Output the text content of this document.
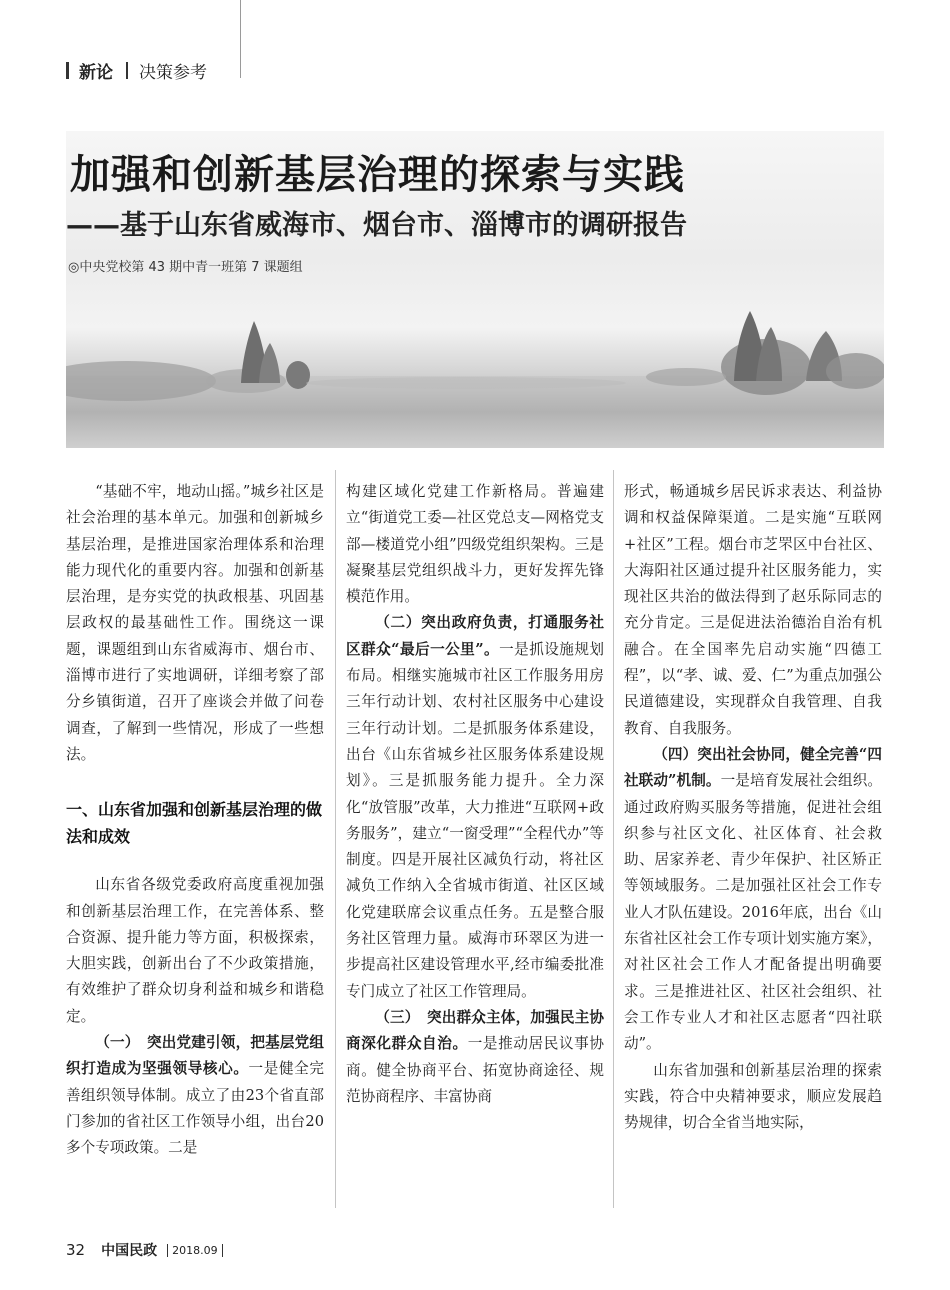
新论 决策参考
加强和创新基层治理的探索与实践
——基于山东省威海市、烟台市、淄博市的调研报告
◎中央党校第 43 期中青一班第 7 课题组

“基础不牢，地动山摇。”城乡社区是社会治理的基本单元。加强和创新城乡基层治理，是推进国家治理体系和治理能力现代化的重要内容。加强和创新基层治理，是夯实党的执政根基、巩固基层政权的最基础性工作。围绕这一课题，课题组到山东省威海市、烟台市、淄博市进行了实地调研，详细考察了部分乡镇街道，召开了座谈会并做了问卷调查，了解到一些情况，形成了一些想法。

一、山东省加强和创新基层治理的做法和成效

山东省各级党委政府高度重视加强和创新基层治理工作，在完善体系、整合资源、提升能力等方面，积极探索，大胆实践，创新出台了不少政策措施，有效维护了群众切身利益和城乡和谐稳定。

（一）　突出党建引领，把基层党组织打造成为坚强领导核心。一是健全完善组织领导体制。成立了由23个省直部门参加的省社区工作领导小组，出台20多个专项政策。二是

构建区域化党建工作新格局。普遍建立“街道党工委—社区党总支—网格党支部—楼道党小组”四级党组织架构。三是凝聚基层党组织战斗力，更好发挥先锋模范作用。

（二）突出政府负责，打通服务社区群众“最后一公里”。一是抓设施规划布局。相继实施城市社区工作服务用房三年行动计划、农村社区服务中心建设三年行动计划。二是抓服务体系建设，出台《山东省城乡社区服务体系建设规划》。三是抓服务能力提升。全力深化“放管服”改革，大力推进“互联网+政务服务”，建立“一窗受理”“全程代办”等制度。四是开展社区减负行动，将社区减负工作纳入全省城市街道、社区区域化党建联席会议重点任务。五是整合服务社区管理力量。威海市环翠区为进一步提高社区建设管理水平,经市编委批准专门成立了社区工作管理局。

（三）　突出群众主体，加强民主协商深化群众自治。一是推动居民议事协商。健全协商平台、拓宽协商途径、规范协商程序、丰富协商

形式，畅通城乡居民诉求表达、利益协调和权益保障渠道。二是实施“互联网+社区”工程。烟台市芝罘区中台社区、大海阳社区通过提升社区服务能力，实现社区共治的做法得到了赵乐际同志的充分肯定。三是促进法治德治自治有机融合。在全国率先启动实施“四德工程”，以“孝、诚、爱、仁”为重点加强公民道德建设，实现群众自我管理、自我教育、自我服务。

（四）突出社会协同，健全完善“四社联动”机制。一是培育发展社会组织。通过政府购买服务等措施，促进社会组织参与社区文化、社区体育、社会救助、居家养老、青少年保护、社区矫正等领域服务。二是加强社区社会工作专业人才队伍建设。2016年底，出台《山东省社区社会工作专项计划实施方案》，对社区社会工作人才配备提出明确要求。三是推进社区、社区社会组织、社会工作专业人才和社区志愿者“四社联动”。

山东省加强和创新基层治理的探索实践，符合中央精神要求，顺应发展趋势规律，切合全省当地实际，

32 中国民政 2018.09
